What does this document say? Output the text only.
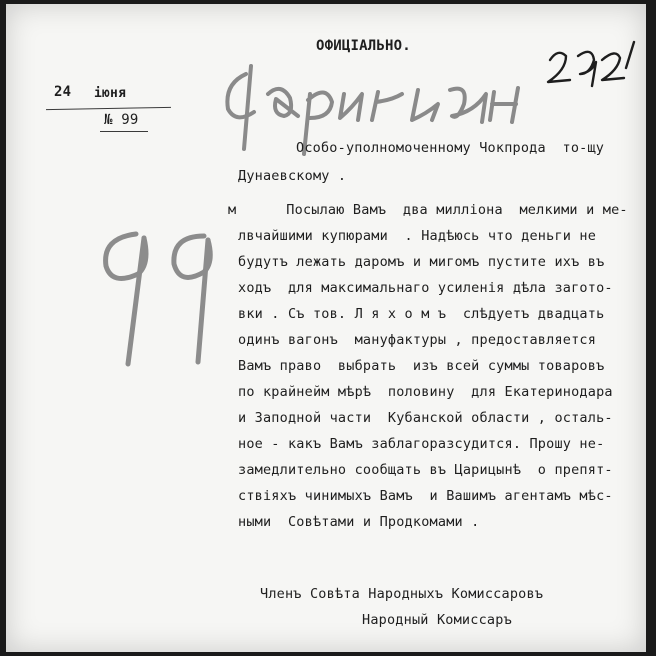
ОФИЦІАЛЬНО.
24 іюня
№ 99
Особо-уполномоченному Чокпрода  то-щу
Дунаевскому .
м      Посылаю Вамъ  два милліона  мелкими и ме-
лвчайшими купюрами  . Надѣюсь что деньги не
будутъ лежать даромъ и мигомъ пустите ихъ въ
ходъ  для максимальнаго усиленія дѣла загото-
вки . Съ тов. Л я х о м ъ  слѣдуетъ двадцать
одинъ вагонъ  мануфактуры , предоставляется
Вамъ право  выбрать  изъ всей суммы товаровъ
по крайнейм мѣрѣ  половину  для Екатеринодара
и Заподной части  Кубанской области , осталь-
ное - какъ Вамъ заблагоразсудится. Прошу не-
замедлительно сообщать въ Царицынѣ  о препят-
ствіяхъ чинимыхъ Вамъ  и Вашимъ агентамъ мѣс-
ными  Совѣтами и Продкомами .
Членъ Совѣта Народныхъ Комиссаровъ
Народный Комиссаръ
